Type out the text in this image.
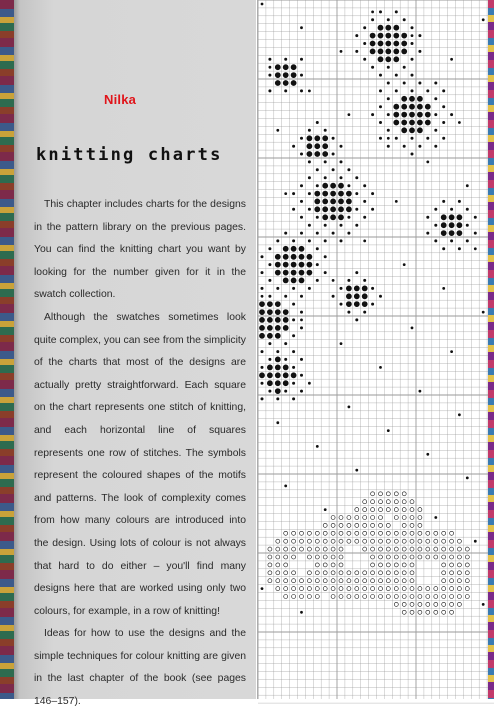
Nilka
knitting charts

This chapter includes charts for the designs in the pattern library on the previous pages. You can find the knitting chart you want by looking for the number given for it in the swatch collection.

Although the swatches sometimes look quite complex, you can see from the simplicity of the charts that most of the designs are actually pretty straightforward. Each square on the chart represents one stitch of knitting, and each horizontal line of squares represents one row of stitches. The symbols represent the coloured shapes of the motifs and patterns. The look of complexity comes from how many colours are introduced into the design. Using lots of colour is not always that hard to do either – you'll find many designs here that are worked using only two colours, for example, in a row of knitting!

Ideas for how to use the designs and the simple techniques for colour knitting are given in the last chapter of the book (see pages 146–157).
